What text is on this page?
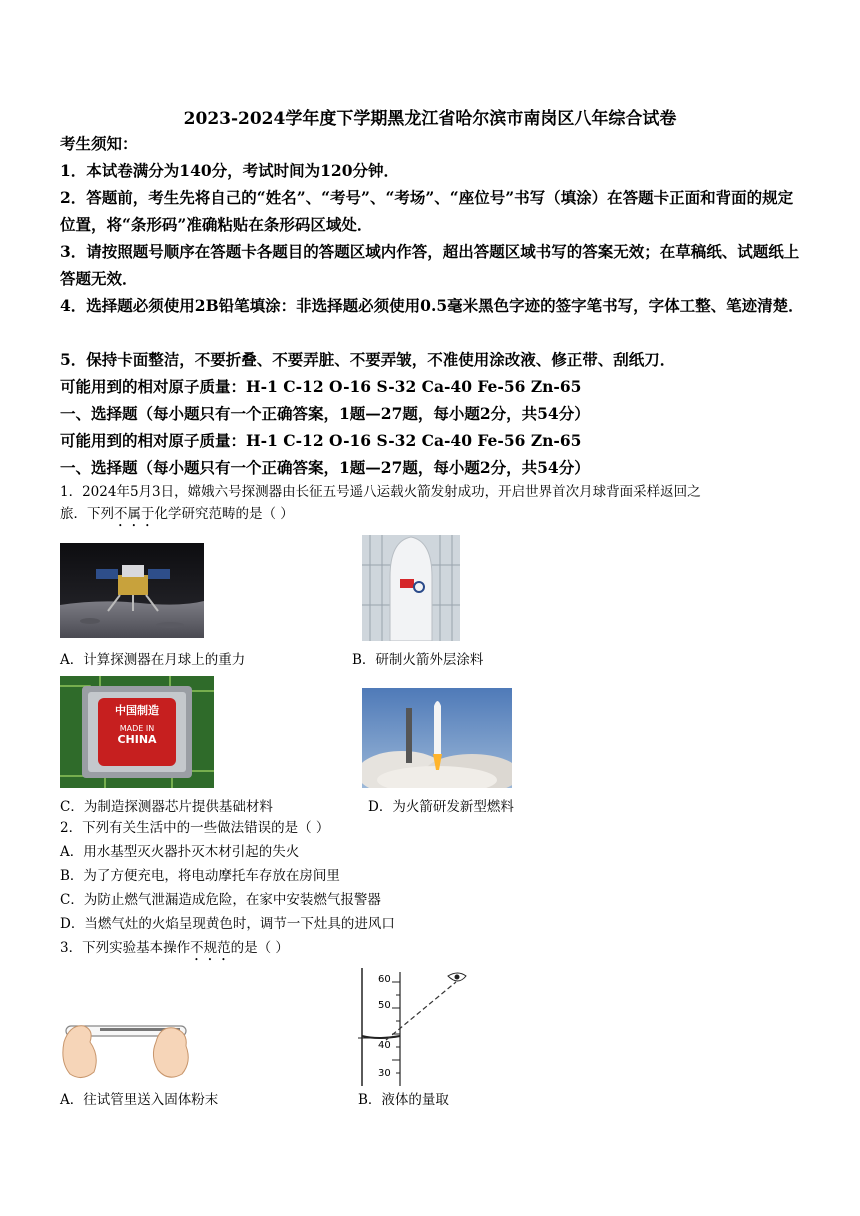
2023-2024学年度下学期黑龙江省哈尔滨市南岗区八年综合试卷
考生须知：
1．本试卷满分为140分，考试时间为120分钟．
2．答题前，考生先将自己的“姓名”、“考号”、“考场”、“座位号”书写（填涂）在答题卡正面和背面的规定位置，将“条形码”准确粘贴在条形码区域处．
3．请按照题号顺序在答题卡各题目的答题区域内作答，超出答题区域书写的答案无效；在草稿纸、试题纸上答题无效．
4．选择题必须使用2B铅笔填涂：非选择题必须使用0.5毫米黑色字迹的签字笔书写，字体工整、笔迹清楚．
5．保持卡面整洁，不要折叠、不要弄脏、不要弄皱，不准使用涂改液、修正带、刮纸刀．
可能用到的相对原子质量：H-1 C-12 O-16 S-32 Ca-40 Fe-56 Zn-65
一、选择题（每小题只有一个正确答案，1题—27题，每小题2分，共54分）
可能用到的相对原子质量：H-1 C-12 O-16 S-32 Ca-40 Fe-56 Zn-65
一、选择题（每小题只有一个正确答案，1题—27题，每小题2分，共54分）
1．2024年5月3日，嫦娥六号探测器由长征五号遥八运载火箭发射成功，开启世界首次月球背面采样返回之
旅．下列不属于化学研究范畴的是（ ）
A．计算探测器在月球上的重力	B．研制火箭外层涂料
中国制造
MADE IN
CHINA
C．为制造探测器芯片提供基础材料	D．为火箭研发新型燃料
2．下列有关生活中的一些做法错误的是（ ）
A．用水基型灭火器扑灭木材引起的失火
B．为了方便充电，将电动摩托车存放在房间里
C．为防止燃气泄漏造成危险，在家中安装燃气报警器
D．当燃气灶的火焰呈现黄色时，调节一下灶具的进风口
3．下列实验基本操作不规范的是（ ）
60
50
40
30
A．往试管里送入固体粉末	B．液体的量取
